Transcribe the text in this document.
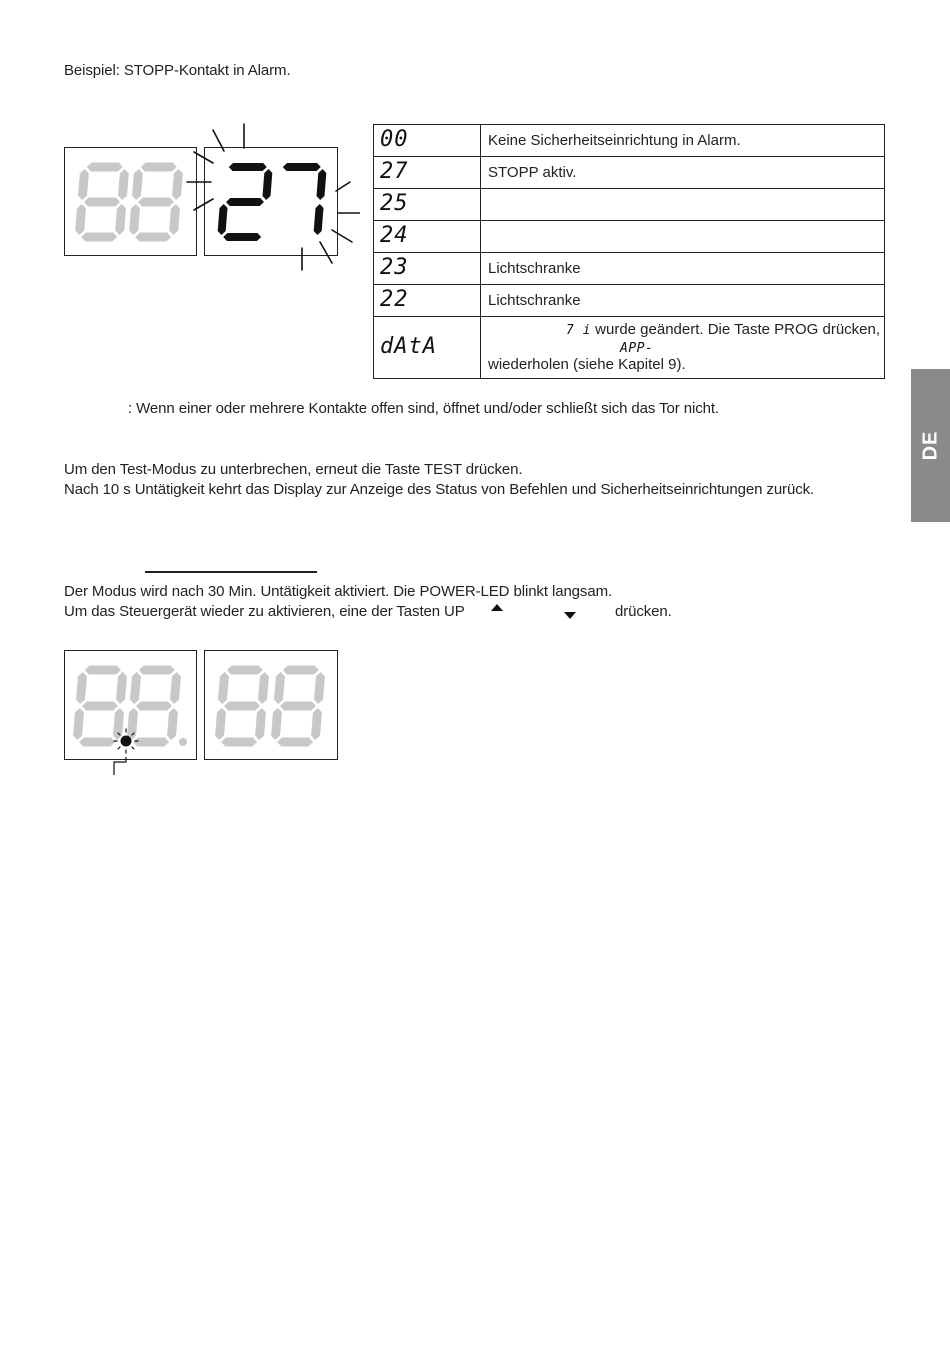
Beispiel: STOPP-Kontakt in Alarm.
00	Keine Sicherheitseinrichtung in Alarm.
27	STOPP aktiv.
25	
24	
23	Lichtschranke
22	Lichtschranke
dAtA	7 i wurde geändert. Die Taste PROG drücken,
APP-
wiederholen (siehe Kapitel 9).
: Wenn einer oder mehrere Kontakte offen sind, öffnet und/oder schließt sich das Tor nicht.
Um den Test-Modus zu unterbrechen, erneut die Taste TEST drücken.
Nach 10 s Untätigkeit kehrt das Display zur Anzeige des Status von Befehlen und Sicherheitseinrichtungen zurück.
Der Modus wird nach 30 Min. Untätigkeit aktiviert. Die POWER-LED blinkt langsam.
Um das Steuergerät wieder zu aktivieren, eine der Tasten UP	drücken.
DE
